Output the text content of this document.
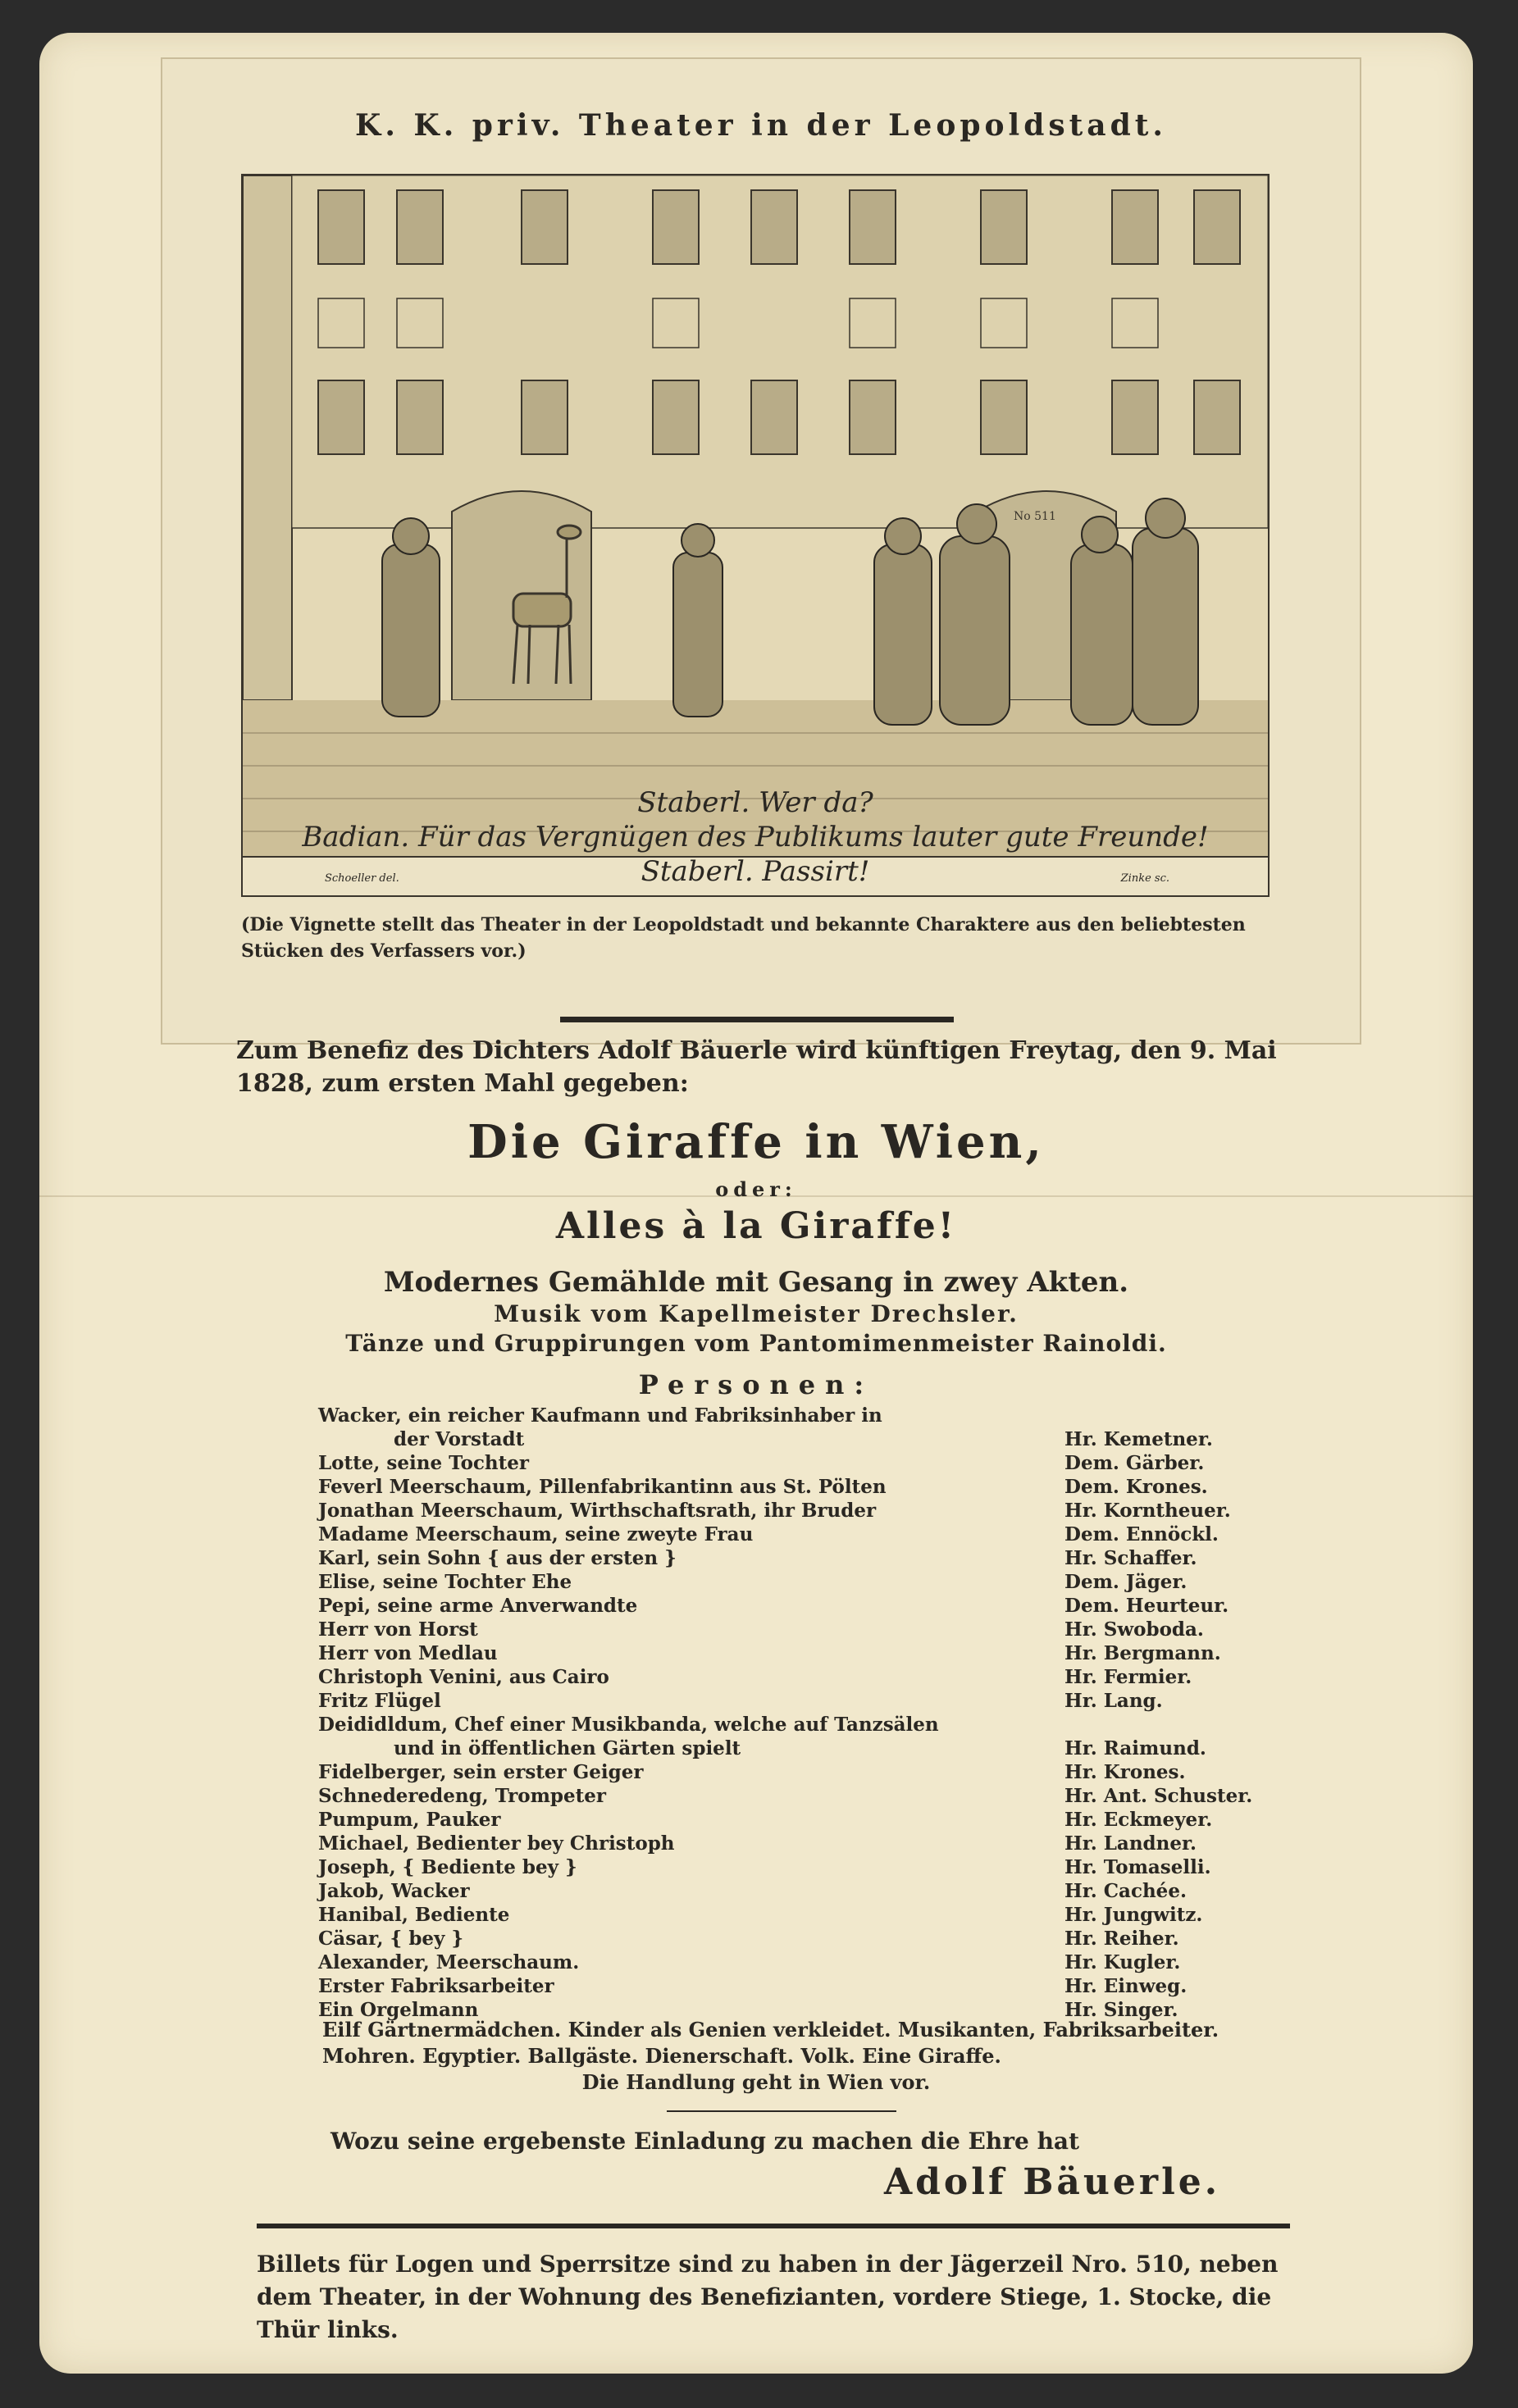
K. K. priv. Theater in der Leopoldstadt.
No 511
Schoeller del.	Zinke sc.
Staberl. Wer da?
Badian. Für das Vergnügen des Publikums lauter gute Freunde!
Staberl. Passirt!
(Die Vignette stellt das Theater in der Leopoldstadt und bekannte Charaktere aus den beliebtesten Stücken des Verfassers vor.)
Zum Benefiz des Dichters Adolf Bäuerle wird künftigen Freytag, den 9. Mai 1828, zum ersten Mahl gegeben:
Die Giraffe in Wien,
oder:
Alles à la Giraffe!
Modernes Gemählde mit Gesang in zwey Akten.
Musik vom Kapellmeister Drechsler.
Tänze und Gruppirungen vom Pantomimenmeister Rainoldi.
Personen:
Wacker, ein reicher Kaufmann und Fabriksinhaber in
der Vorstadt	Hr. Kemetner.
Lotte, seine Tochter	Dem. Gärber.
Feverl Meerschaum, Pillenfabrikantinn aus St. Pölten	Dem. Krones.
Jonathan Meerschaum, Wirthschaftsrath, ihr Bruder	Hr. Korntheuer.
Madame Meerschaum, seine zweyte Frau	Dem. Ennöckl.
Karl, sein Sohn { aus der ersten }	Hr. Schaffer.
Elise, seine Tochter Ehe	Dem. Jäger.
Pepi, seine arme Anverwandte	Dem. Heurteur.
Herr von Horst	Hr. Swoboda.
Herr von Medlau	Hr. Bergmann.
Christoph Venini, aus Cairo	Hr. Fermier.
Fritz Flügel	Hr. Lang.
Deididldum, Chef einer Musikbanda, welche auf Tanzsälen
und in öffentlichen Gärten spielt	Hr. Raimund.
Fidelberger, sein erster Geiger	Hr. Krones.
Schnederedeng, Trompeter	Hr. Ant. Schuster.
Pumpum, Pauker	Hr. Eckmeyer.
Michael, Bedienter bey Christoph	Hr. Landner.
Joseph, { Bediente bey }	Hr. Tomaselli.
Jakob, Wacker	Hr. Cachée.
Hanibal, Bediente	Hr. Jungwitz.
Cäsar, { bey }	Hr. Reiher.
Alexander, Meerschaum.	Hr. Kugler.
Erster Fabriksarbeiter	Hr. Einweg.
Ein Orgelmann	Hr. Singer.
Eilf Gärtnermädchen. Kinder als Genien verkleidet. Musikanten, Fabriksarbeiter. Mohren. Egyptier. Ballgäste. Dienerschaft. Volk. Eine Giraffe.
Die Handlung geht in Wien vor.
Wozu seine ergebenste Einladung zu machen die Ehre hat
Adolf Bäuerle.
Billets für Logen und Sperrsitze sind zu haben in der Jägerzeil Nro. 510, neben dem Theater, in der Wohnung des Benefizianten, vordere Stiege, 1. Stocke, die Thür links.
